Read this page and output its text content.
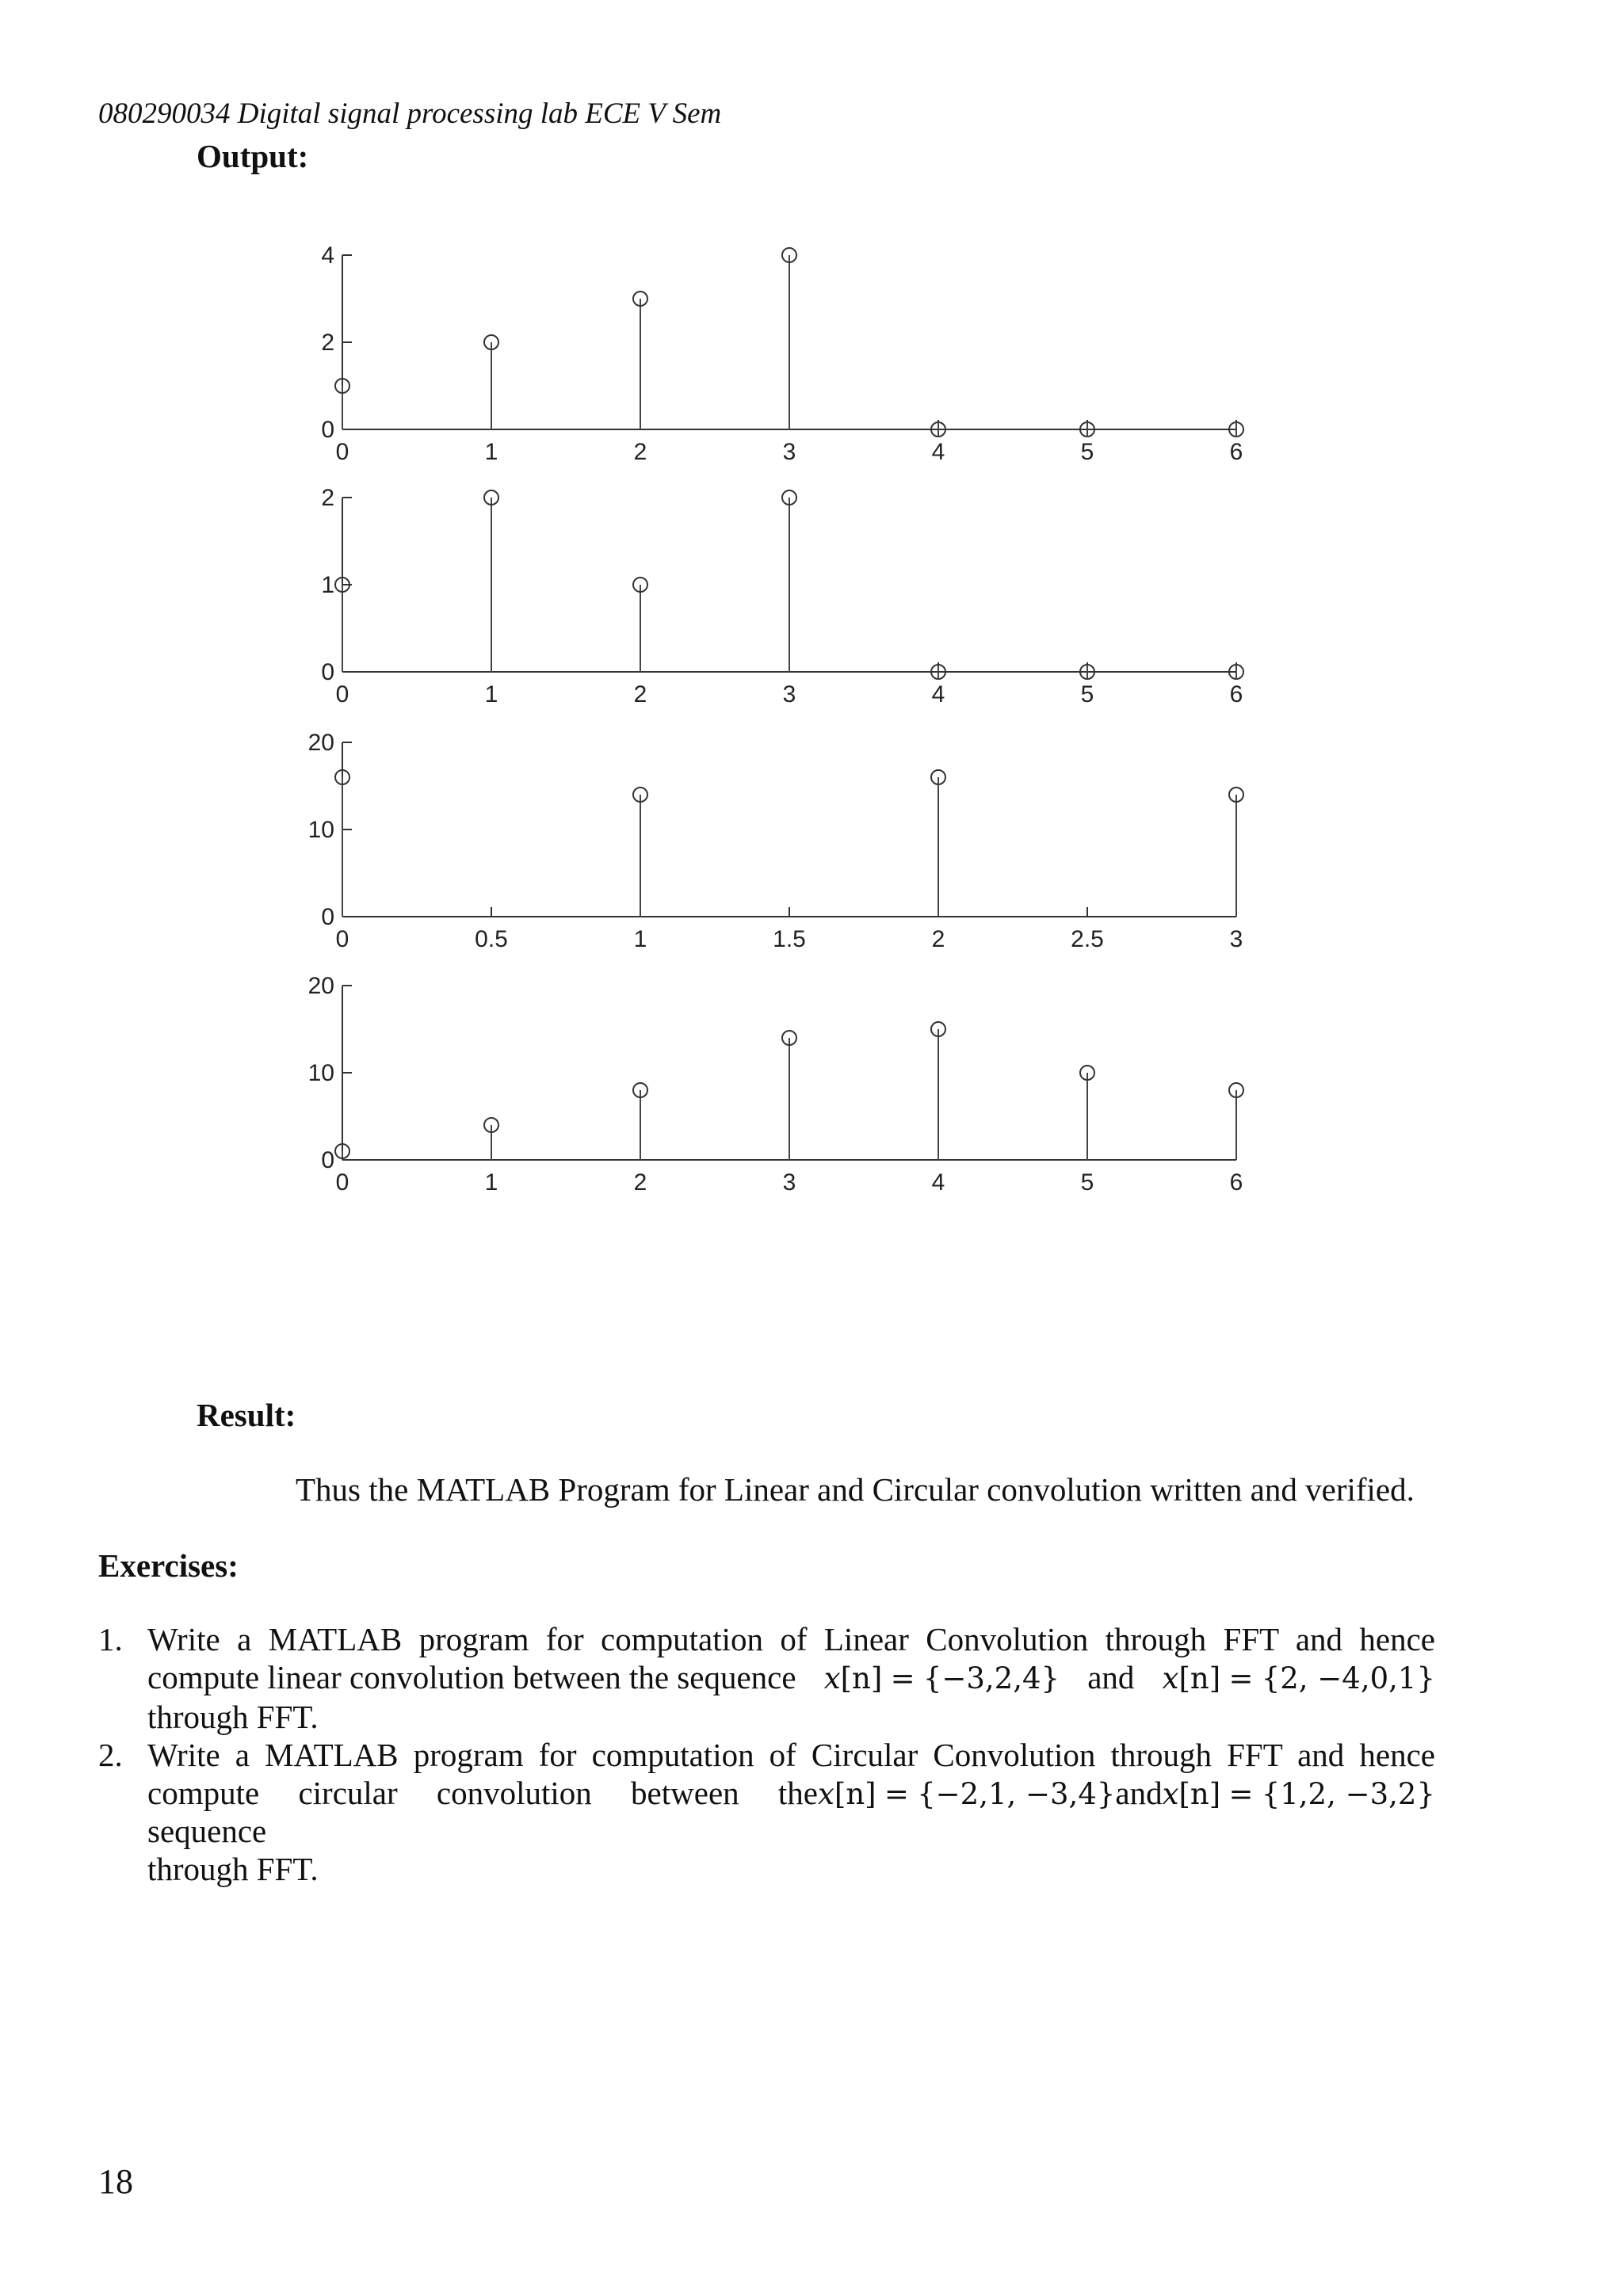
080290034 Digital signal processing lab ECE V Sem
Output:
0
2
4
0	1	2	3	4	5	6
0
1
2
0	1	2	3	4	5	6
0
10
20
0	0.5	1	1.5	2	2.5	3
0
10
20
0	1	2	3	4	5	6
Result:
Thus the MATLAB Program for Linear and Circular convolution written and verified.
Exercises:
1. Write a MATLAB program for computation of Linear Convolution through FFT and hence
compute linear convolution between the sequence x[n] = {−3,2,4} and x[n] = {2, −4,0,1}
through FFT.
2. Write a MATLAB program for computation of Circular Convolution through FFT and hence
compute circular convolution between the sequence
x[n] = {−2,1, −3,4} and x[n] = {1,2, −3,2}
through FFT.
18
